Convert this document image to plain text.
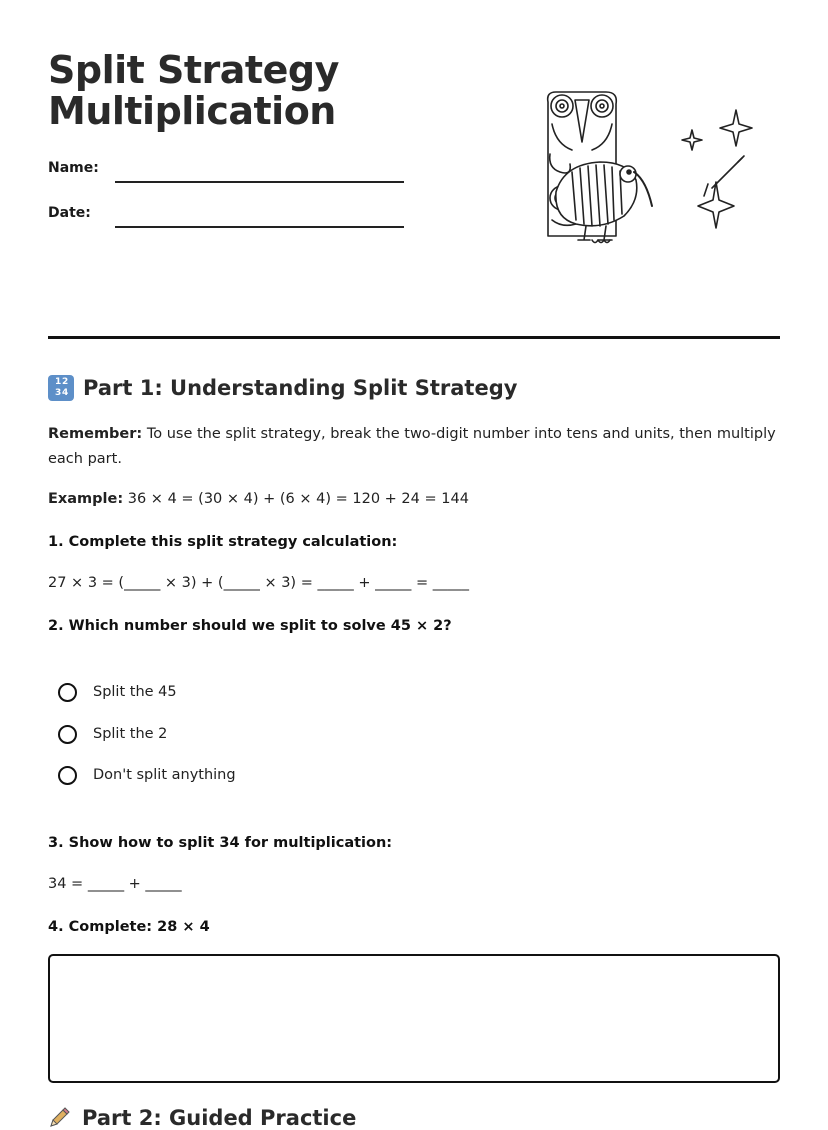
Split Strategy
Multiplication
Name:
Date:
1 2
3 4 Part 1: Understanding Split Strategy

Remember: To use the split strategy, break the two-digit number into tens and units, then multiply each part.

Example: 36 × 4 = (30 × 4) + (6 × 4) = 120 + 24 = 144

1. Complete this split strategy calculation:

27 × 3 = (_____ × 3) + (_____ × 3) = _____ + _____ = _____

2. Which number should we split to solve 45 × 2?

Split the 45
Split the 2
Don't split anything

3. Show how to split 34 for multiplication:

34 = _____ + _____

4. Complete: 28 × 4

Part 2: Guided Practice
